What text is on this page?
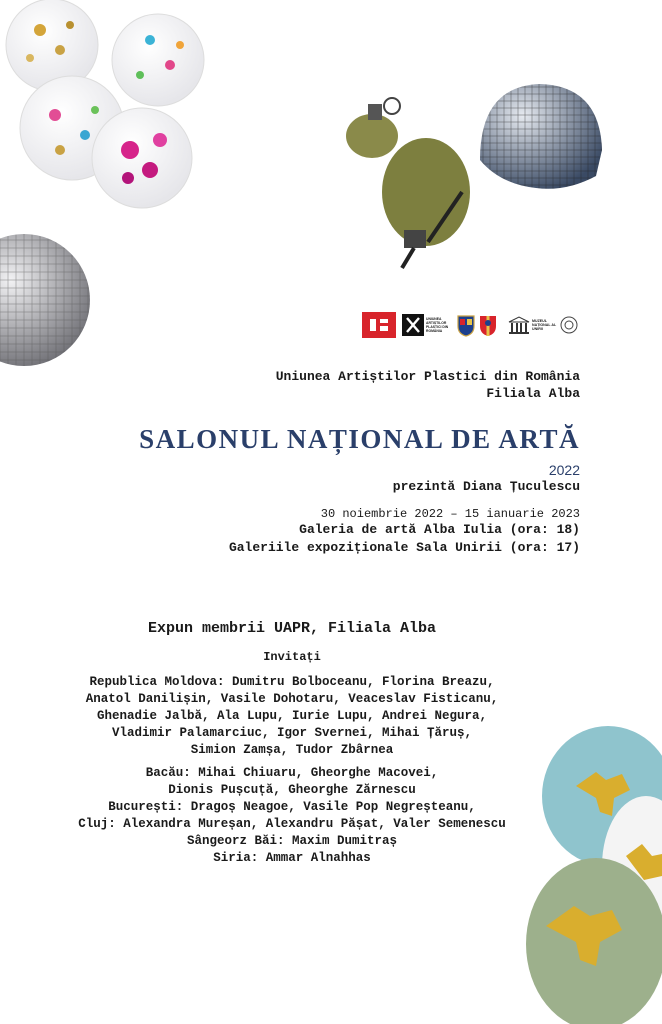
UNIUNEA ARTIȘTILOR PLASTICI DIN ROMÂNIA
MUZEUL NAȚIONAL AL UNIRII
Uniunea Artiștilor Plastici din România
Filiala Alba
SALONUL NAȚIONAL DE ARTĂ
2022
prezintă Diana Țuculescu
30 noiembrie 2022 – 15 ianuarie 2023
Galeria de artă Alba Iulia (ora: 18)
Galeriile expoziționale Sala Unirii (ora: 17)
Expun membrii UAPR, Filiala Alba
Invitați
Republica Moldova: Dumitru Bolboceanu, Florina Breazu,
Anatol Danilișin, Vasile Dohotaru, Veaceslav Fisticanu,
Ghenadie Jalbă, Ala Lupu, Iurie Lupu, Andrei Negura,
Vladimir Palamarciuc, Igor Svernei, Mihai Țăruș,
Simion Zamșa, Tudor Zbârnea
Bacău: Mihai Chiuaru, Gheorghe Macovei,
Dionis Pușcuță, Gheorghe Zărnescu
București: Dragoș Neagoe, Vasile Pop Negreșteanu,
Cluj: Alexandra Mureșan, Alexandru Pășat, Valer Semenescu
Sângeorz Băi: Maxim Dumitraș
Siria: Ammar Alnahhas
